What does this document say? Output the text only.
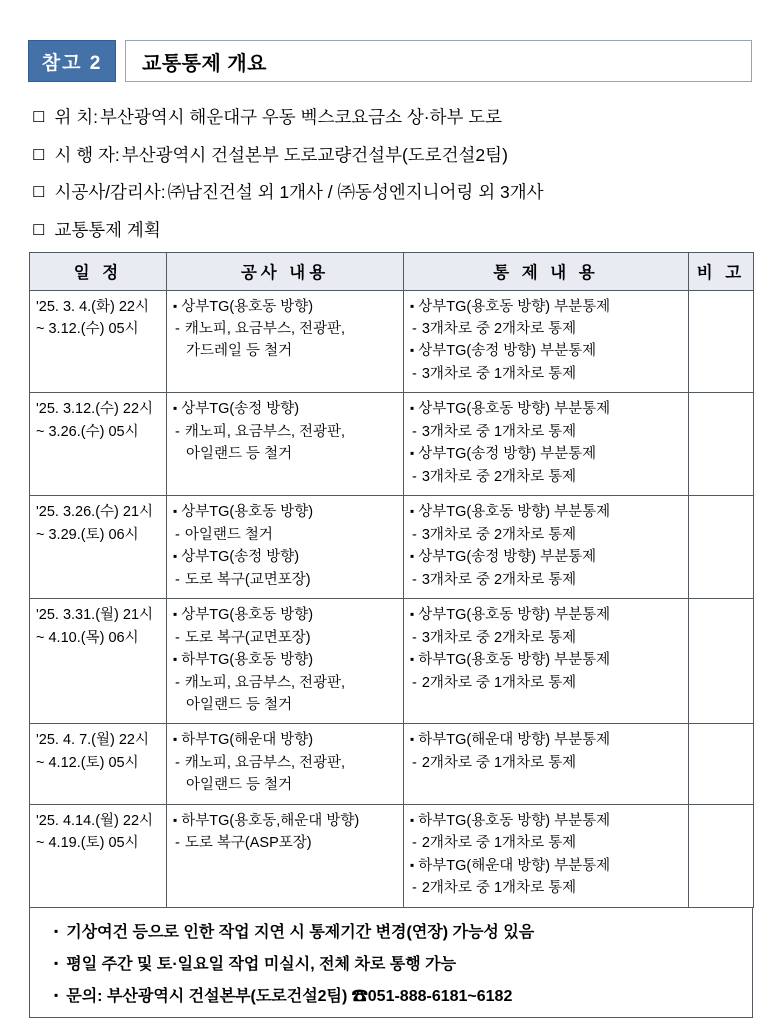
참고 2	교통통제 개요
☐ 위 치 : 부산광역시 해운대구 우동 벡스코요금소 상·하부 도로
☐ 시 행 자 : 부산광역시 건설본부 도로교량건설부(도로건설2팀)
☐ 시공사/감리사 : ㈜남진건설 외 1개사 / ㈜동성엔지니어링 외 3개사
☐ 교통통제 계획
일 정	공사 내용	통 제 내 용	비 고

'25. 3. 4.(화) 22시
~ 3.12.(수) 05시	▪ 상부TG(용호동 방향)
- 캐노피, 요금부스, 전광판,
가드레일 등 철거	▪ 상부TG(용호동 방향) 부분통제
- 3개차로 중 2개차로 통제
▪ 상부TG(송정 방향) 부분통제
- 3개차로 중 1개차로 통제

'25. 3.12.(수) 22시
~ 3.26.(수) 05시	▪ 상부TG(송정 방향)
- 캐노피, 요금부스, 전광판,
아일랜드 등 철거	▪ 상부TG(용호동 방향) 부분통제
- 3개차로 중 1개차로 통제
▪ 상부TG(송정 방향) 부분통제
- 3개차로 중 2개차로 통제

'25. 3.26.(수) 21시
~ 3.29.(토) 06시	▪ 상부TG(용호동 방향)
- 아일랜드 철거
▪ 상부TG(송정 방향)
- 도로 복구(교면포장)	▪ 상부TG(용호동 방향) 부분통제
- 3개차로 중 2개차로 통제
▪ 상부TG(송정 방향) 부분통제
- 3개차로 중 2개차로 통제

'25. 3.31.(월) 21시
~ 4.10.(목) 06시	▪ 상부TG(용호동 방향)
- 도로 복구(교면포장)
▪ 하부TG(용호동 방향)
- 캐노피, 요금부스, 전광판,
아일랜드 등 철거	▪ 상부TG(용호동 방향) 부분통제
- 3개차로 중 2개차로 통제
▪ 하부TG(용호동 방향) 부분통제
- 2개차로 중 1개차로 통제

'25. 4. 7.(월) 22시
~ 4.12.(토) 05시	▪ 하부TG(해운대 방향)
- 캐노피, 요금부스, 전광판,
아일랜드 등 철거	▪ 하부TG(해운대 방향) 부분통제
- 2개차로 중 1개차로 통제

'25. 4.14.(월) 22시
~ 4.19.(토) 05시	▪ 하부TG(용호동,해운대 방향)
- 도로 복구(ASP포장)	▪ 하부TG(용호동 방향) 부분통제
- 2개차로 중 1개차로 통제
▪ 하부TG(해운대 방향) 부분통제
- 2개차로 중 1개차로 통제

▪ 기상여건 등으로 인한 작업 지연 시 통제기간 변경(연장) 가능성 있음
▪ 평일 주간 및 토·일요일 작업 미실시, 전체 차로 통행 가능
▪ 문의: 부산광역시 건설본부(도로건설2팀) ☎051-888-6181~6182
